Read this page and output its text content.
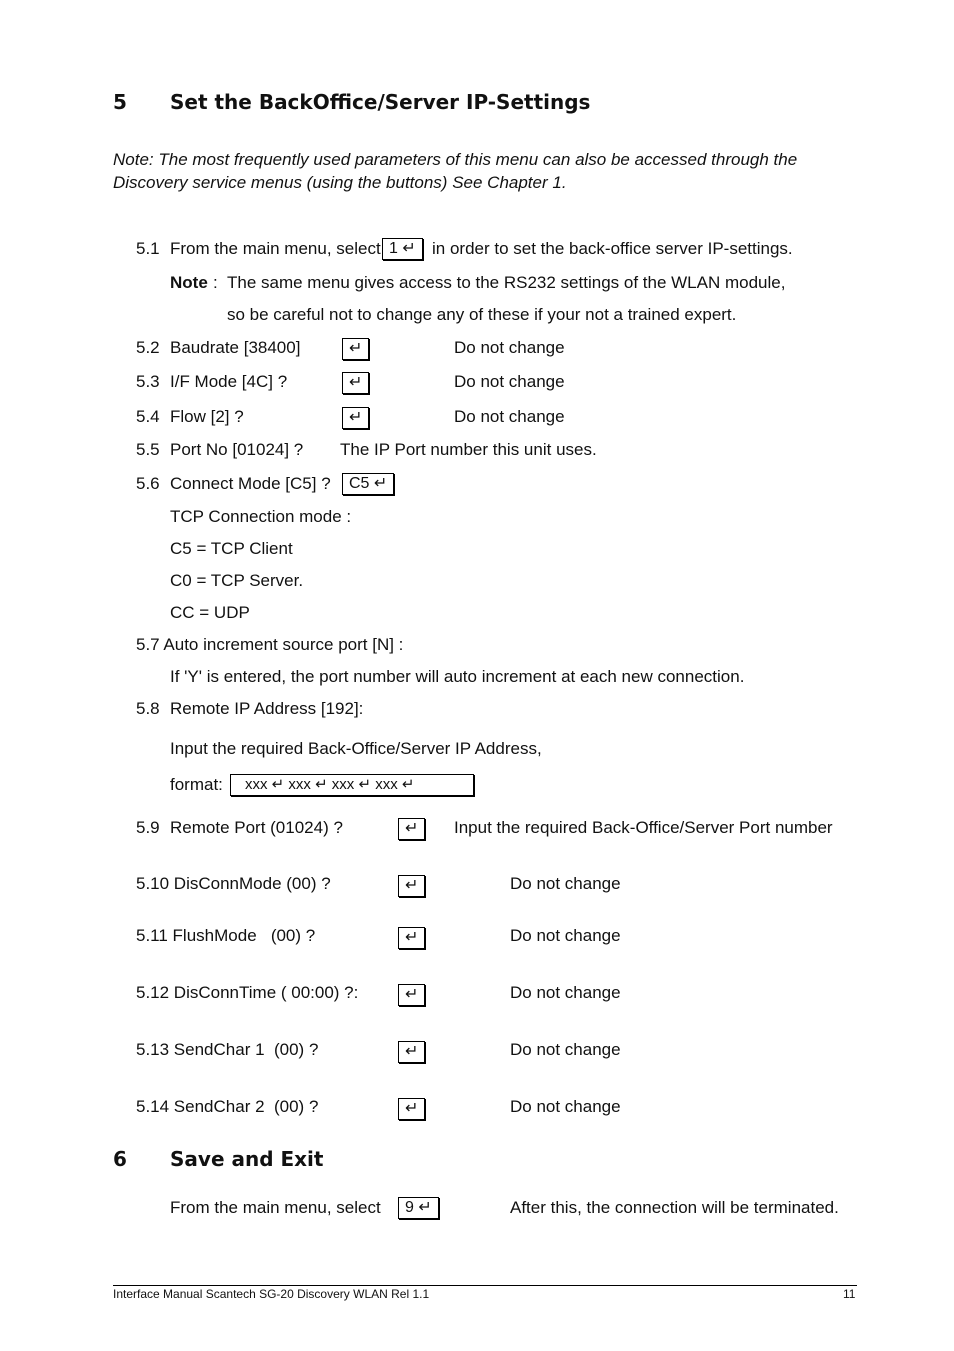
5 Set the BackOffice/Server IP-Settings
Note: The most frequently used parameters of this menu can also be accessed through the
Discovery service menus (using the buttons) See Chapter 1.
5.1 From the main menu, select 1 ↵ in order to set the back-office server IP-settings.
Note : The same menu gives access to the RS232 settings of the WLAN module,
so be careful not to change any of these if your not a trained expert.
5.2 Baudrate [38400]	↵	Do not change
5.3 I/F Mode [4C] ?	↵	Do not change
5.4 Flow [2] ?	↵	Do not change
5.5 Port No [01024] ? The IP Port number this unit uses.
5.6 Connect Mode [C5] ?	C5 ↵
TCP Connection mode :
C5 = TCP Client
C0 = TCP Server.
CC = UDP
5.7 Auto increment source port [N] :
If 'Y' is entered, the port number will auto increment at each new connection.
5.8 Remote IP Address [192]:
Input the required Back-Office/Server IP Address,
format:	xxx ↵ xxx ↵ xxx ↵ xxx ↵
5.9 Remote Port (01024) ?	↵	Input the required Back-Office/Server Port number
5.10 DisConnMode (00) ?	↵	Do not change
5.11 FlushMode   (00) ?	↵	Do not change
5.12 DisConnTime ( 00:00) ?:	↵	Do not change
5.13 SendChar 1  (00) ?	↵	Do not change
5.14 SendChar 2  (00) ?	↵	Do not change
6 Save and Exit
From the main menu, select	9 ↵	After this, the connection will be terminated.
Interface Manual Scantech SG-20 Discovery WLAN Rel 1.1	11
